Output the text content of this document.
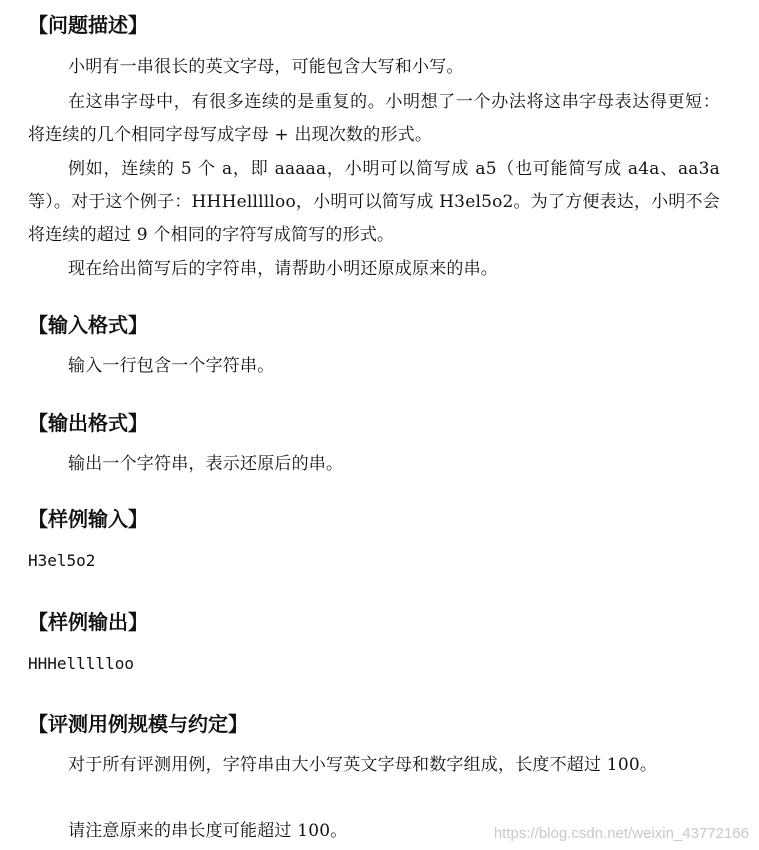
【问题描述】

小明有一串很长的英文字母，可能包含大写和小写。

在这串字母中，有很多连续的是重复的。小明想了一个办法将这串字母表达得更短：将连续的几个相同字母写成字母 + 出现次数的形式。

例如，连续的 5 个 a，即 aaaaa，小明可以简写成 a5（也可能简写成 a4a、aa3a 等）。对于这个例子：HHHellllloo，小明可以简写成 H3el5o2。为了方便表达，小明不会将连续的超过 9 个相同的字符写成简写的形式。

现在给出简写后的字符串，请帮助小明还原成原来的串。

【输入格式】

输入一行包含一个字符串。

【输出格式】

输出一个字符串，表示还原后的串。

【样例输入】
H3el5o2
【样例输出】
HHHellllloo
【评测用例规模与约定】

对于所有评测用例，字符串由大小写英文字母和数字组成，长度不超过 100。

请注意原来的串长度可能超过 100。	https://blog.csdn.net/weixin_43772166
